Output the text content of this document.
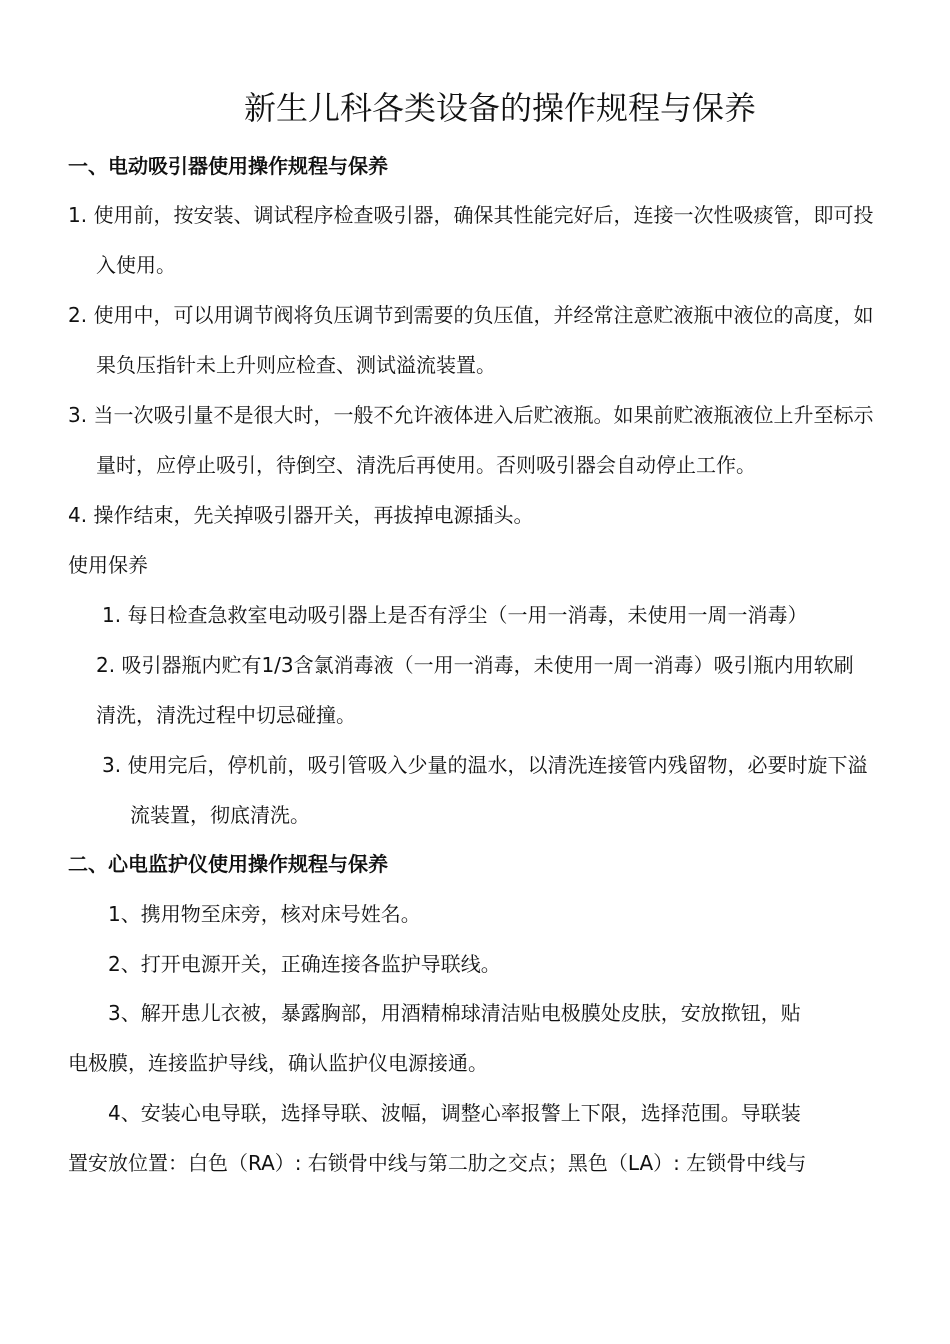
新生儿科各类设备的操作规程与保养
一、电动吸引器使用操作规程与保养
1. 使用前，按安装、调试程序检查吸引器，确保其性能完好后，连接一次性吸痰管，即可投
入使用。
2. 使用中，可以用调节阀将负压调节到需要的负压值，并经常注意贮液瓶中液位的高度，如
果负压指针未上升则应检查、测试溢流装置。
3. 当一次吸引量不是很大时，一般不允许液体进入后贮液瓶。如果前贮液瓶液位上升至标示
量时，应停止吸引，待倒空、清洗后再使用。否则吸引器会自动停止工作。
4. 操作结束，先关掉吸引器开关，再拔掉电源插头。
使用保养
1. 每日检查急救室电动吸引器上是否有浮尘（一用一消毒，未使用一周一消毒）
2. 吸引器瓶内贮有1/3含氯消毒液（一用一消毒，未使用一周一消毒）吸引瓶内用软刷
清洗，清洗过程中切忌碰撞。
3. 使用完后，停机前，吸引管吸入少量的温水，以清洗连接管内残留物，必要时旋下溢
流装置，彻底清洗。
二、心电监护仪使用操作规程与保养
1、携用物至床旁，核对床号姓名。
2、打开电源开关，正确连接各监护导联线。
3、解开患儿衣被，暴露胸部，用酒精棉球清洁贴电极膜处皮肤，安放揿钮，贴
电极膜，连接监护导线，确认监护仪电源接通。
4、安装心电导联，选择导联、波幅，调整心率报警上下限，选择范围。导联装
置安放位置：白色（RA）: 右锁骨中线与第二肋之交点；黑色（LA）: 左锁骨中线与
